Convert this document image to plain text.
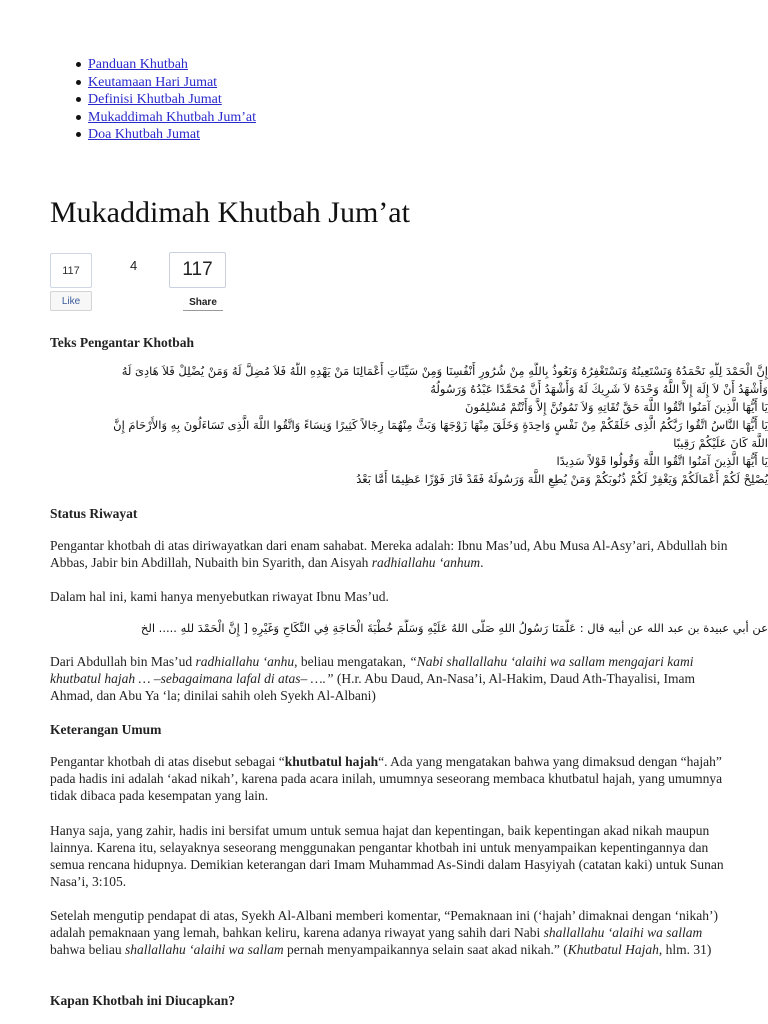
Panduan Khutbah
Keutamaan Hari Jumat
Definisi Khutbah Jumat
Mukaddimah Khutbah Jum’at
Doa Khutbah Jumat
Mukaddimah Khutbah Jum’at
117
Like
4	117
Share
Teks Pengantar Khotbah
إِنَّ الْحَمْدَ لِلَّهِ نَحْمَدُهُ وَنَسْتَعِينُهُ وَنَسْتَغْفِرُهُ وَنَعُوذُ بِاللَّهِ مِنْ شُرُورِ أَنْفُسِنَا وَمِنْ سَيِّئَاتِ أَعْمَالِنَا مَنْ يَهْدِهِ اللَّهُ فَلاَ مُضِلَّ لَهُ وَمَنْ يُضْلِلْ فَلاَ هَادِىَ لَهُ
وَأَشْهَدُ أَنْ لاَ إِلَهَ إِلاَّ اللَّهُ وَحْدَهُ لاَ شَرِيكَ لَهُ وَأَشْهَدُ أَنَّ مُحَمَّدًا عَبْدُهُ وَرَسُولُهُ
يَا أَيُّهَا الَّذِينَ آمَنُوا اتَّقُوا اللَّهَ حَقَّ تُقَاتِهِ وَلاَ تَمُوتُنَّ إِلاَّ وَأَنْتُمْ مُسْلِمُونَ
يَا أَيُّهَا النَّاسُ اتَّقُوا رَبَّكُمُ الَّذِى خَلَقَكُمْ مِنْ نَفْسٍ وَاحِدَةٍ وَخَلَقَ مِنْهَا زَوْجَهَا وَبَثَّ مِنْهُمَا رِجَالاً كَثِيرًا وَنِسَاءً وَاتَّقُوا اللَّهَ الَّذِى تَسَاءَلُونَ بِهِ وَالأَرْحَامَ إِنَّ
اللَّهَ كَانَ عَلَيْكُمْ رَقِيبًا
يَا أَيُّهَا الَّذِينَ آمَنُوا اتَّقُوا اللَّهَ وَقُولُوا قَوْلاً سَدِيدًا
يُصْلِحْ لَكُمْ أَعْمَالَكُمْ وَيَغْفِرْ لَكُمْ ذُنُوبَكُمْ وَمَنْ يُطِعِ اللَّهَ وَرَسُولَهُ فَقَدْ فَازَ فَوْزًا عَظِيمًا أَمَّا بَعْدُ
Status Riwayat
Pengantar khotbah di atas diriwayatkan dari enam sahabat. Mereka adalah: Ibnu Mas’ud, Abu Musa Al-Asy’ari, Abdullah bin Abbas, Jabir bin Abdillah, Nubaith bin Syarith, dan Aisyah radhiallahu ‘anhum.
Dalam hal ini, kami hanya menyebutkan riwayat Ibnu Mas’ud.
عن أبي عبيدة بن عبد الله عن أبيه قال : عَلَّمَنَا رَسُولُ اللهِ صَلَّى اللهُ عَلَيْهِ وَسَلَّمَ خُطْبَةَ الْحَاجَةِ فِي النِّكَاحِ وَغَيْرِهِ [ إِنَّ الْحَمْدَ للهِ ..... الخ
Dari Abdullah bin Mas’ud radhiallahu ‘anhu, beliau mengatakan, “Nabi shallallahu ‘alaihi wa sallam mengajari kami khutbatul hajah … –sebagaimana lafal di atas– ….” (H.r. Abu Daud, An-Nasa’i, Al-Hakim, Daud Ath-Thayalisi, Imam Ahmad, dan Abu Ya ‘la; dinilai sahih oleh Syekh Al-Albani)
Keterangan Umum
Pengantar khotbah di atas disebut sebagai “khutbatul hajah“. Ada yang mengatakan bahwa yang dimaksud dengan “hajah” pada hadis ini adalah ‘akad nikah’, karena pada acara inilah, umumnya seseorang membaca khutbatul hajah, yang umumnya tidak dibaca pada kesempatan yang lain.
Hanya saja, yang zahir, hadis ini bersifat umum untuk semua hajat dan kepentingan, baik kepentingan akad nikah maupun lainnya. Karena itu, selayaknya seseorang menggunakan pengantar khotbah ini untuk menyampaikan kepentingannya dan semua rencana hidupnya. Demikian keterangan dari Imam Muhammad As-Sindi dalam Hasyiyah (catatan kaki) untuk Sunan Nasa’i, 3:105.
Setelah mengutip pendapat di atas, Syekh Al-Albani memberi komentar, “Pemaknaan ini (‘hajah’ dimaknai dengan ‘nikah’) adalah pemaknaan yang lemah, bahkan keliru, karena adanya riwayat yang sahih dari Nabi shallallahu ‘alaihi wa sallam bahwa beliau shallallahu ‘alaihi wa sallam pernah menyampaikannya selain saat akad nikah.” (Khutbatul Hajah, hlm. 31)
Kapan Khotbah ini Diucapkan?
